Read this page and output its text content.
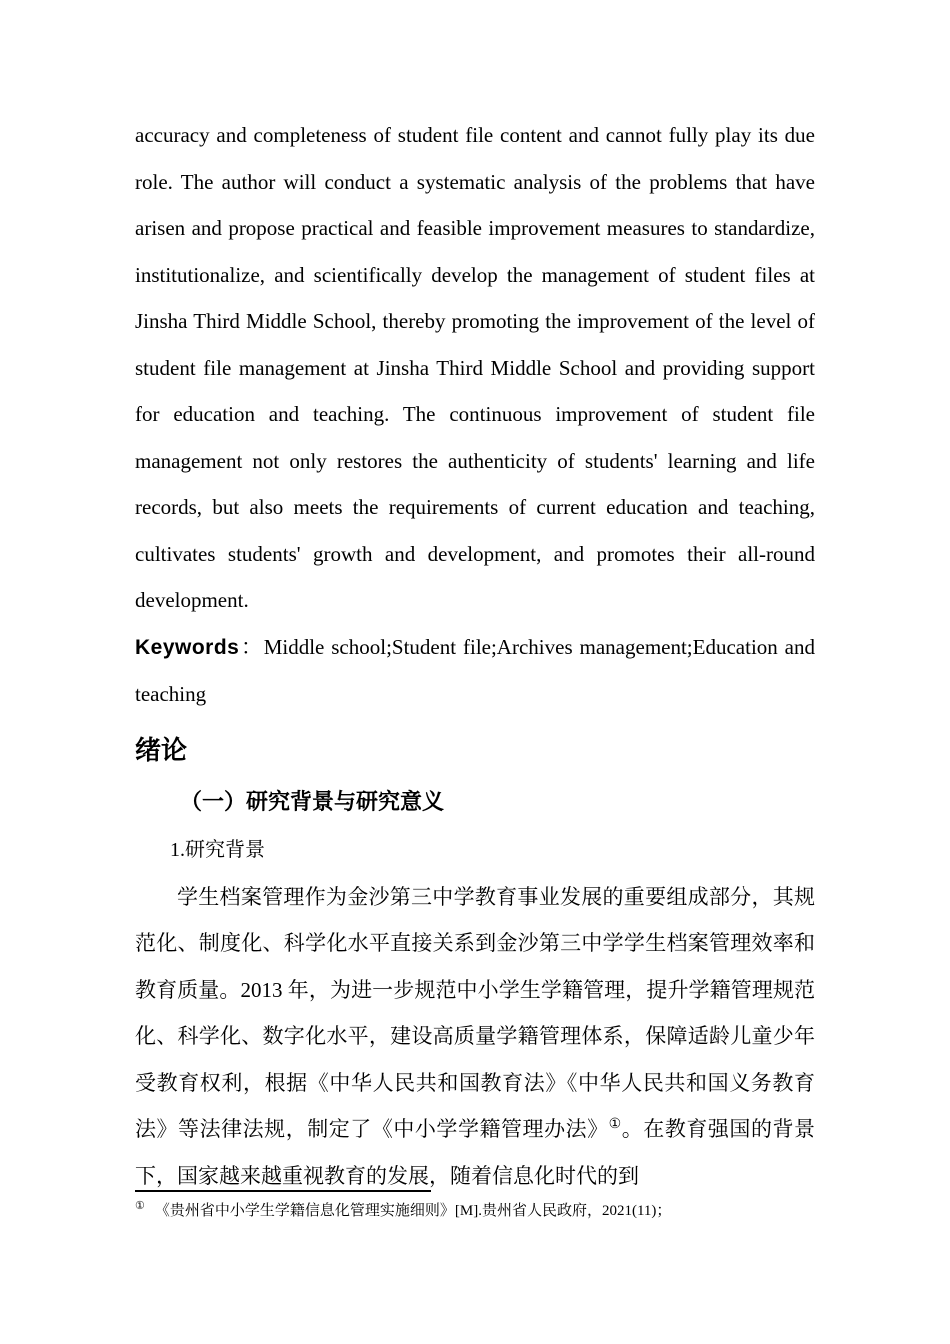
accuracy and completeness of student file content and cannot fully play its due role. The author will conduct a systematic analysis of the problems that have arisen and propose practical and feasible improvement measures to standardize, institutionalize, and scientifically develop the management of student files at Jinsha Third Middle School, thereby promoting the improvement of the level of student file management at Jinsha Third Middle School and providing support for education and teaching. The continuous improvement of student file management not only restores the authenticity of students' learning and life records, but also meets the requirements of current education and teaching, cultivates students' growth and development, and promotes their all-round development.

Keywords：Middle school;Student file;Archives management;Education and teaching

绪论
（一）研究背景与研究意义
1.研究背景

学生档案管理作为金沙第三中学教育事业发展的重要组成部分，其规范化、制度化、科学化水平直接关系到金沙第三中学学生档案管理效率和教育质量。2013 年，为进一步规范中小学生学籍管理，提升学籍管理规范化、科学化、数字化水平，建设高质量学籍管理体系，保障适龄儿童少年受教育权利，根据《中华人民共和国教育法》《中华人民共和国义务教育法》等法律法规，制定了《中小学学籍管理办法》①。在教育强国的背景下，国家越来越重视教育的发展，随着信息化时代的到

① 《贵州省中小学生学籍信息化管理实施细则》[M].贵州省人民政府，2021(11)；
